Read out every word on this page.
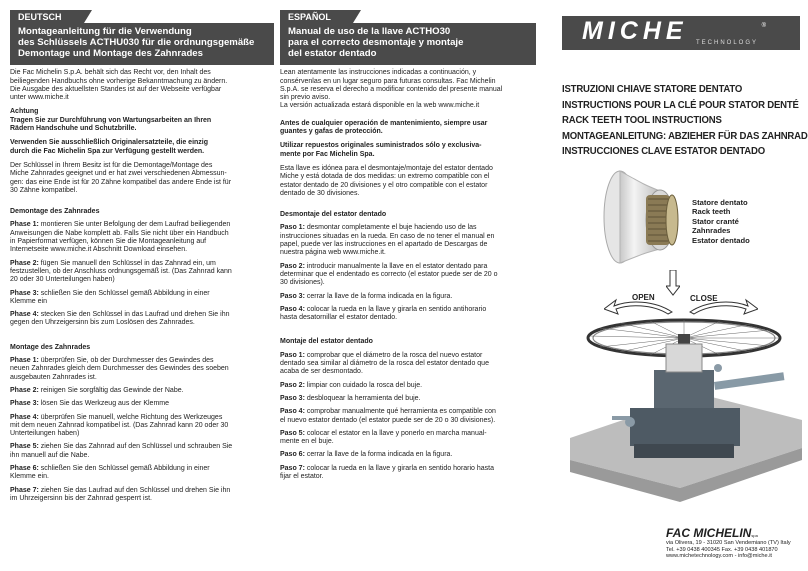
DEUTSCH
Montageanleitung für die Verwendung
des Schlüssels ACTHU030 für die ordnungsgemäße
Demontage und Montage des Zahnrades

Die Fac Michelin S.p.A. behält sich das Recht vor, den Inhalt des
beiliegenden Handbuchs ohne vorherige Bekanntmachung zu ändern.
Die Ausgabe des aktuellsten Standes ist auf der Webseite verfügbar
unter www.miche.it

Achtung
Tragen Sie zur Durchführung von Wartungsarbeiten an Ihren
Rädern Handschuhe und Schutzbrille.

Verwenden Sie ausschließlich Originalersatzteile, die einzig
durch die Fac Michelin Spa zur Verfügung gestellt werden.

Der Schlüssel in Ihrem Besitz ist für die Demontage/Montage des
Miche Zahnrades geeignet und er hat zwei verschiedenen Abmessun-
gen: das eine Ende ist für 20 Zähne kompatibel das andere Ende ist für
30 Zähne kompatibel.

Demontage des Zahnrades
Phase 1: montieren Sie unter Befolgung der dem Laufrad beiliegenden
Anweisungen die Nabe komplett ab. Falls Sie nicht über ein Handbuch
in Papierformat verfügen, können Sie die Montageanleitung auf
Internetseite www.miche.it Abschnitt Download einsehen.
Phase 2: fügen Sie manuell den Schlüssel in das Zahnrad ein, um
festzustellen, ob der Anschluss ordnungsgemäß ist. (Das Zahnrad kann
20 oder 30 Unterteilungen haben)
Phase 3: schließen Sie den Schlüssel gemäß Abbildung in einer
Klemme ein
Phase 4: stecken Sie den Schlüssel in das Laufrad und drehen Sie ihn
gegen den Uhrzeigersinn bis zum Loslösen des Zahnrades.
Montage des Zahnrades
Phase 1: überprüfen Sie, ob der Durchmesser des Gewindes des
neuen Zahnrades gleich dem Durchmesser des Gewindes des soeben
ausgebauten Zahnrades ist.
Phase 2: reinigen Sie sorgfältig das Gewinde der Nabe.
Phase 3: lösen Sie das Werkzeug aus der Klemme
Phase 4: überprüfen Sie manuell, welche Richtung des Werkzeuges
mit dem neuen Zahnrad kompatibel ist. (Das Zahnrad kann 20 oder 30
Unterteilungen haben)
Phase 5: ziehen Sie das Zahnrad auf den Schlüssel und schrauben Sie
ihn manuell auf die Nabe.
Phase 6: schließen Sie den Schlüssel gemäß Abbildung in einer
Klemme ein.
Phase 7: ziehen Sie das Laufrad auf den Schlüssel und drehen Sie ihn
im Uhrzeigersinn bis der Zahnrad gesperrt ist.
ESPAÑOL
Manual de uso de la llave ACTHO30
para el correcto desmontaje y montaje
del estator dentado

Lean atentamente las instrucciones indicadas a continuación, y
consérvenlas en un lugar seguro para futuras consultas. Fac Michelin
S.p.A. se reserva el derecho a modificar contenido del presente manual
sin previo aviso.
La versión actualizada estará disponible en la web www.miche.it

Antes de cualquier operación de mantenimiento, siempre usar
guantes y gafas de protección.

Utilizar repuestos originales suministrados sólo y exclusiva-
mente por Fac Michelin Spa.

Esta llave es idónea para el desmontaje/montaje del estator dentado
Miche y está dotada de dos medidas: un extremo compatible con el
estator dentado de 20 divisiones y el otro compatible con el estator
dentado de 30 divisiones.

Desmontaje del estator dentado
Paso 1: desmontar completamente el buje haciendo uso de las
instrucciones situadas en la rueda. En caso de no tener el manual en
papel, puede ver las instrucciones en el apartado de Descargas de
nuestra página web www.miche.it.
Paso 2: introducir manualmente la llave en el estator dentado para
determinar que el endentado es correcto (el estator puede ser de 20 o
30 divisiones).
Paso 3: cerrar la llave de la forma indicada en la figura.
Paso 4: colocar la rueda en la llave y girarla en sentido antihorario
hasta desatornillar el estator dentado.
Montaje del estator dentado
Paso 1: comprobar que el diámetro de la rosca del nuevo estator
dentado sea similar al diámetro de la rosca del estator dentado que
acaba de ser desmontado.
Paso 2: limpiar con cuidado la rosca del buje.
Paso 3: desbloquear la herramienta del buje.
Paso 4: comprobar manualmente qué herramienta es compatible con
el nuevo estator dentado (el estator puede ser de 20 o 30 divisiones).
Paso 5: colocar el estator en la llave y ponerlo en marcha manual-
mente en el buje.
Paso 6: cerrar la llave de la forma indicada en la figura.
Paso 7: colocar la rueda en la llave y girarla en sentido horario hasta
fijar el estator.
MICHE	®
TECHNOLOGY
ISTRUZIONI CHIAVE STATORE DENTATO
INSTRUCTIONS POUR LA CLÉ POUR STATOR DENTÉ
RACK TEETH TOOL INSTRUCTIONS
MONTAGEANLEITUNG: ABZIEHER FÜR DAS ZAHNRAD
INSTRUCCIONES CLAVE ESTATOR DENTADO
Statore dentato
Rack teeth
Stator cranté
Zahnrades
Estator dentado
OPEN	CLOSE
FAC MICHELINspa
via Olivera, 19 - 31020 San Vendemiano (TV) Italy
Tel. +39 0438 400345 Fax. +39 0438 401870
www.michetechnology.com - info@miche.it
